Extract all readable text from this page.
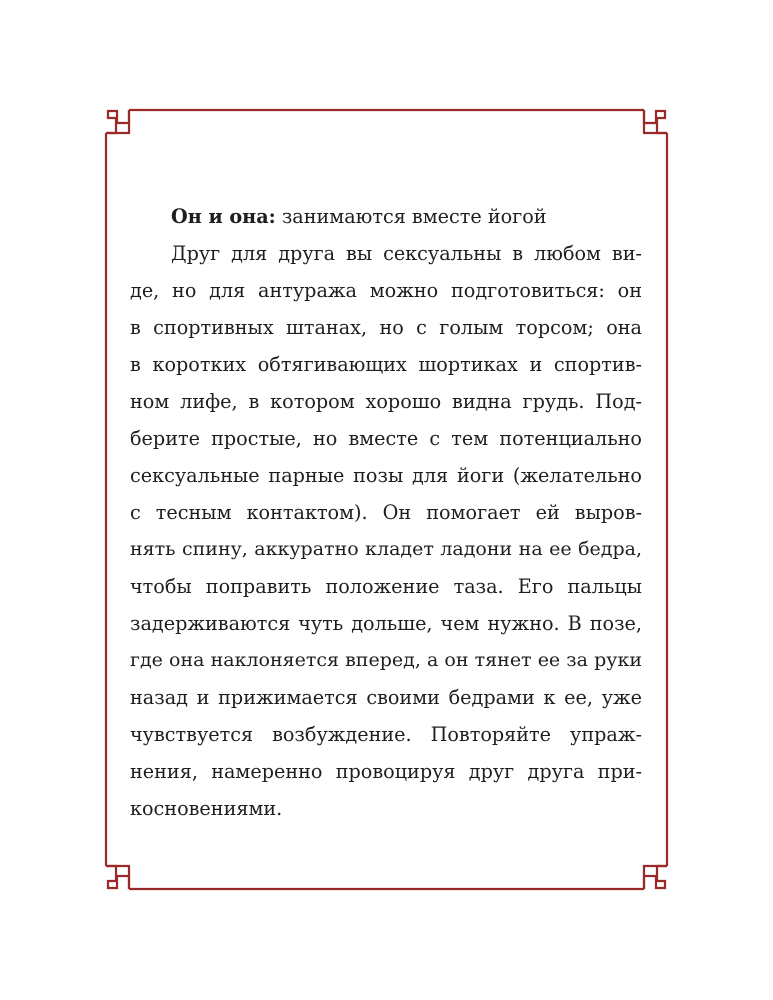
Он и она: занимаются вместе йогой
Друг для друга вы сексуальны в любом ви-
де, но для антуража можно подготовиться: он
в спортивных штанах, но с голым торсом; она
в коротких обтягивающих шортиках и спортив-
ном лифе, в котором хорошо видна грудь. Под-
берите простые, но вместе с тем потенциально
сексуальные парные позы для йоги (желательно
с тесным контактом). Он помогает ей выров-
нять спину, аккуратно кладет ладони на ее бедра,
чтобы поправить положение таза. Его пальцы
задерживаются чуть дольше, чем нужно. В позе,
где она наклоняется вперед, а он тянет ее за руки
назад и прижимается своими бедрами к ее, уже
чувствуется возбуждение. Повторяйте упраж-
нения, намеренно провоцируя друг друга при-
косновениями.
